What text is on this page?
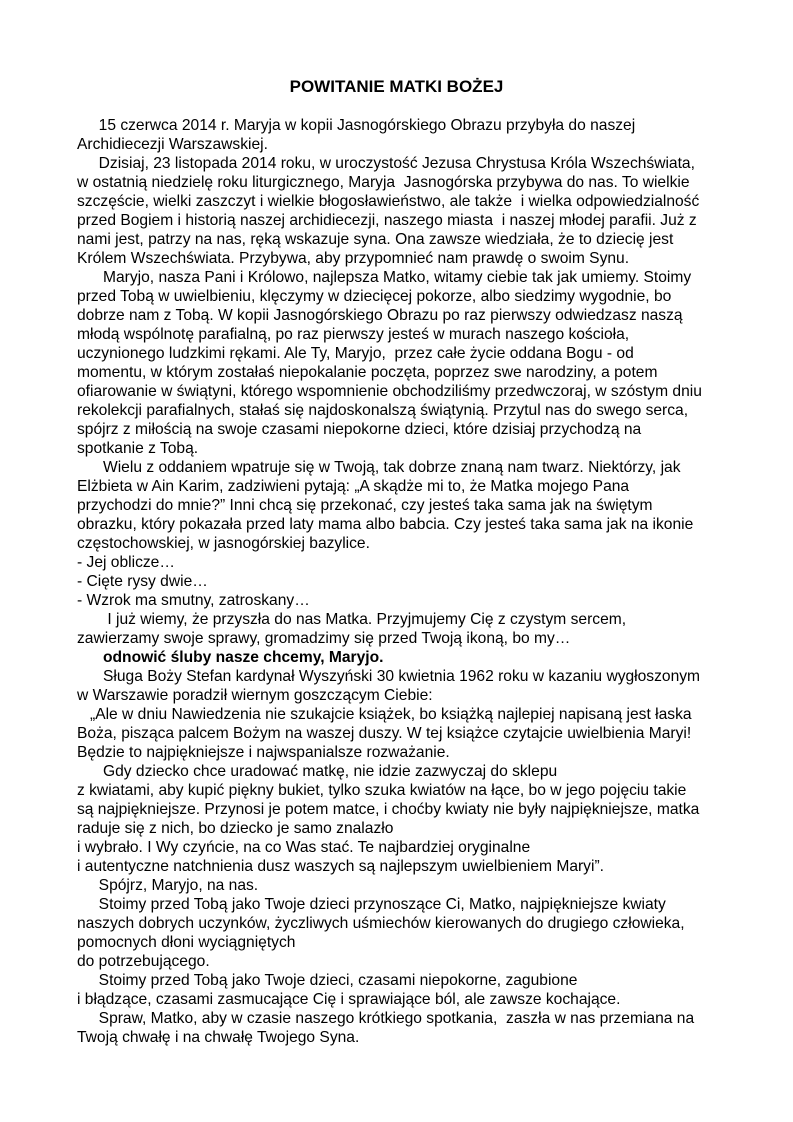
POWITANIE MATKI BOŻEJ

15 czerwca 2014 r. Maryja w kopii Jasnogórskiego Obrazu przybyła do naszej

Archidiecezji Warszawskiej.

Dzisiaj, 23 listopada 2014 roku, w uroczystość Jezusa Chrystusa Króla Wszechświata,

w ostatnią niedzielę roku liturgicznego, Maryja  Jasnogórska przybywa do nas. To wielkie

szczęście, wielki zaszczyt i wielkie błogosławieństwo, ale także  i wielka odpowiedzialność

przed Bogiem i historią naszej archidiecezji, naszego miasta  i naszej młodej parafii. Już z

nami jest, patrzy na nas, ręką wskazuje syna. Ona zawsze wiedziała, że to dziecię jest

Królem Wszechświata. Przybywa, aby przypomnieć nam prawdę o swoim Synu.

Maryjo, nasza Pani i Królowo, najlepsza Matko, witamy ciebie tak jak umiemy. Stoimy

przed Tobą w uwielbieniu, klęczymy w dziecięcej pokorze, albo siedzimy wygodnie, bo

dobrze nam z Tobą. W kopii Jasnogórskiego Obrazu po raz pierwszy odwiedzasz naszą

młodą wspólnotę parafialną, po raz pierwszy jesteś w murach naszego kościoła,

uczynionego ludzkimi rękami. Ale Ty, Maryjo,  przez całe życie oddana Bogu - od

momentu, w którym zostałaś niepokalanie poczęta, poprzez swe narodziny, a potem

ofiarowanie w świątyni, którego wspomnienie obchodziliśmy przedwczoraj, w szóstym dniu

rekolekcji parafialnych, stałaś się najdoskonalszą świątynią. Przytul nas do swego serca,

spójrz z miłością na swoje czasami niepokorne dzieci, które dzisiaj przychodzą na

spotkanie z Tobą.

Wielu z oddaniem wpatruje się w Twoją, tak dobrze znaną nam twarz. Niektórzy, jak

Elżbieta w Ain Karim, zadziwieni pytają: „A skądże mi to, że Matka mojego Pana

przychodzi do mnie?” Inni chcą się przekonać, czy jesteś taka sama jak na świętym

obrazku, który pokazała przed laty mama albo babcia. Czy jesteś taka sama jak na ikonie

częstochowskiej, w jasnogórskiej bazylice.

- Jej oblicze…

- Cięte rysy dwie…

- Wzrok ma smutny, zatroskany…

I już wiemy, że przyszła do nas Matka. Przyjmujemy Cię z czystym sercem,

zawierzamy swoje sprawy, gromadzimy się przed Twoją ikoną, bo my…

odnowić śluby nasze chcemy, Maryjo.

Sługa Boży Stefan kardynał Wyszyński 30 kwietnia 1962 roku w kazaniu wygłoszonym

w Warszawie poradził wiernym goszczącym Ciebie:

„Ale w dniu Nawiedzenia nie szukajcie książek, bo książką najlepiej napisaną jest łaska

Boża, pisząca palcem Bożym na waszej duszy. W tej książce czytajcie uwielbienia Maryi!

Będzie to najpiękniejsze i najwspanialsze rozważanie.

Gdy dziecko chce uradować matkę, nie idzie zazwyczaj do sklepu

z kwiatami, aby kupić piękny bukiet, tylko szuka kwiatów na łące, bo w jego pojęciu takie

są najpiękniejsze. Przynosi je potem matce, i choćby kwiaty nie były najpiękniejsze, matka

raduje się z nich, bo dziecko je samo znalazło

i wybrało. I Wy czyńcie, na co Was stać. Te najbardziej oryginalne

i autentyczne natchnienia dusz waszych są najlepszym uwielbieniem Maryi”.

Spójrz, Maryjo, na nas.

Stoimy przed Tobą jako Twoje dzieci przynoszące Ci, Matko, najpiękniejsze kwiaty

naszych dobrych uczynków, życzliwych uśmiechów kierowanych do drugiego człowieka,

pomocnych dłoni wyciągniętych

do potrzebującego.

Stoimy przed Tobą jako Twoje dzieci, czasami niepokorne, zagubione

i błądzące, czasami zasmucające Cię i sprawiające ból, ale zawsze kochające.

Spraw, Matko, aby w czasie naszego krótkiego spotkania,  zaszła w nas przemiana na

Twoją chwałę i na chwałę Twojego Syna.
